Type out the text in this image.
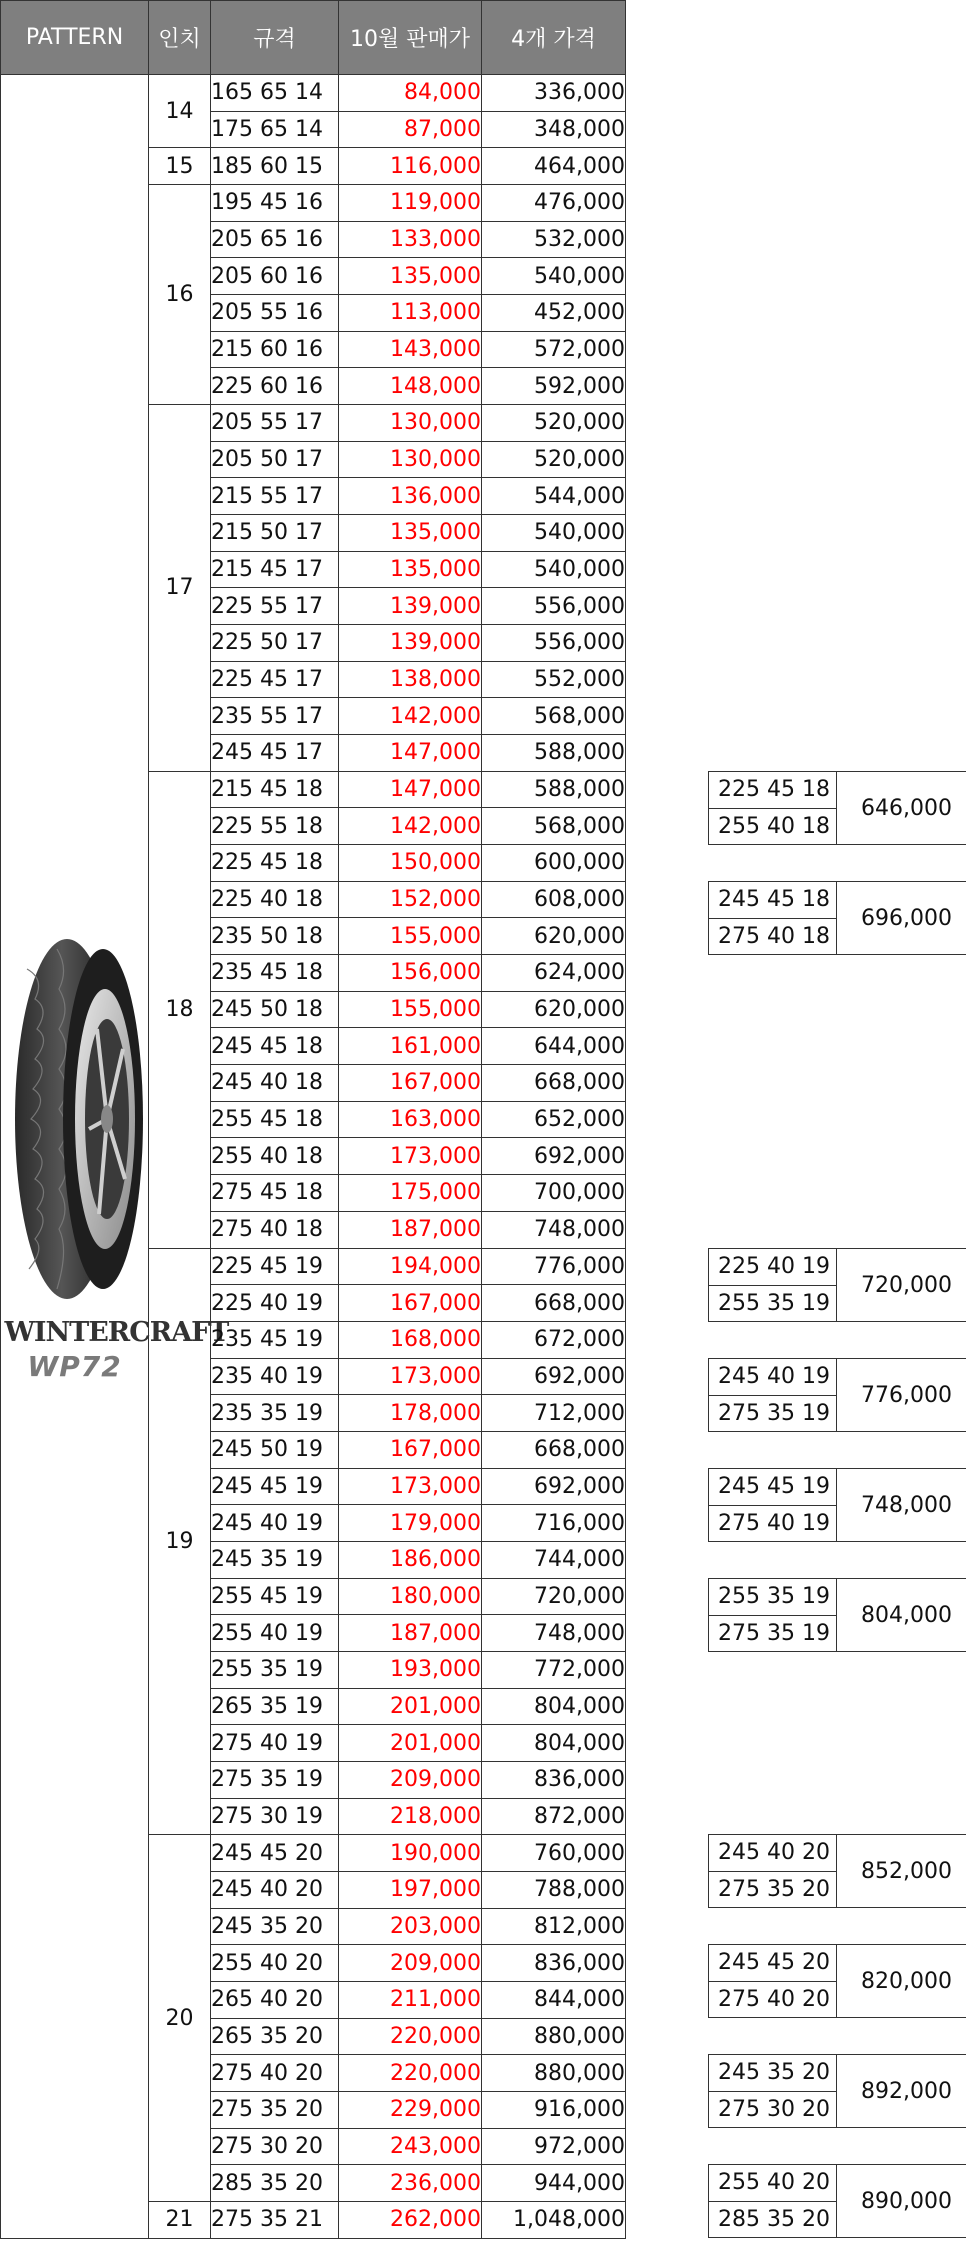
PATTERN	인치	규격	10월 판매가	4개 가격

WINTERCRAFT
WP72	14	165 65 14	84,000	336,000
		175 65 14	87,000	348,000
	15	185 60 15	116,000	464,000
	16	195 45 16	119,000	476,000
		205 65 16	133,000	532,000
		205 60 16	135,000	540,000
		205 55 16	113,000	452,000
		215 60 16	143,000	572,000
		225 60 16	148,000	592,000
	17	205 55 17	130,000	520,000
		205 50 17	130,000	520,000
		215 55 17	136,000	544,000
		215 50 17	135,000	540,000
		215 45 17	135,000	540,000
		225 55 17	139,000	556,000
		225 50 17	139,000	556,000
		225 45 17	138,000	552,000
		235 55 17	142,000	568,000
		245 45 17	147,000	588,000
	18	215 45 18	147,000	588,000
		225 55 18	142,000	568,000
		225 45 18	150,000	600,000
		225 40 18	152,000	608,000
		235 50 18	155,000	620,000
		235 45 18	156,000	624,000
		245 50 18	155,000	620,000
		245 45 18	161,000	644,000
		245 40 18	167,000	668,000
		255 45 18	163,000	652,000
		255 40 18	173,000	692,000
		275 45 18	175,000	700,000
		275 40 18	187,000	748,000
	19	225 45 19	194,000	776,000
		225 40 19	167,000	668,000
		235 45 19	168,000	672,000
		235 40 19	173,000	692,000
		235 35 19	178,000	712,000
		245 50 19	167,000	668,000
		245 45 19	173,000	692,000
		245 40 19	179,000	716,000
		245 35 19	186,000	744,000
		255 45 19	180,000	720,000
		255 40 19	187,000	748,000
		255 35 19	193,000	772,000
		265 35 19	201,000	804,000
		275 40 19	201,000	804,000
		275 35 19	209,000	836,000
		275 30 19	218,000	872,000
	20	245 45 20	190,000	760,000
		245 40 20	197,000	788,000
		245 35 20	203,000	812,000
		255 40 20	209,000	836,000
		265 40 20	211,000	844,000
		265 35 20	220,000	880,000
		275 40 20	220,000	880,000
		275 35 20	229,000	916,000
		275 30 20	243,000	972,000
		285 35 20	236,000	944,000
	21	275 35 21	262,000	1,048,000
225 45 18	646,000
255 40 18
245 45 18	696,000
275 40 18
225 40 19	720,000
255 35 19
245 40 19	776,000
275 35 19
245 45 19	748,000
275 40 19
255 35 19	804,000
275 35 19
245 40 20	852,000
275 35 20
245 45 20	820,000
275 40 20
245 35 20	892,000
275 30 20
255 40 20	890,000
285 35 20
